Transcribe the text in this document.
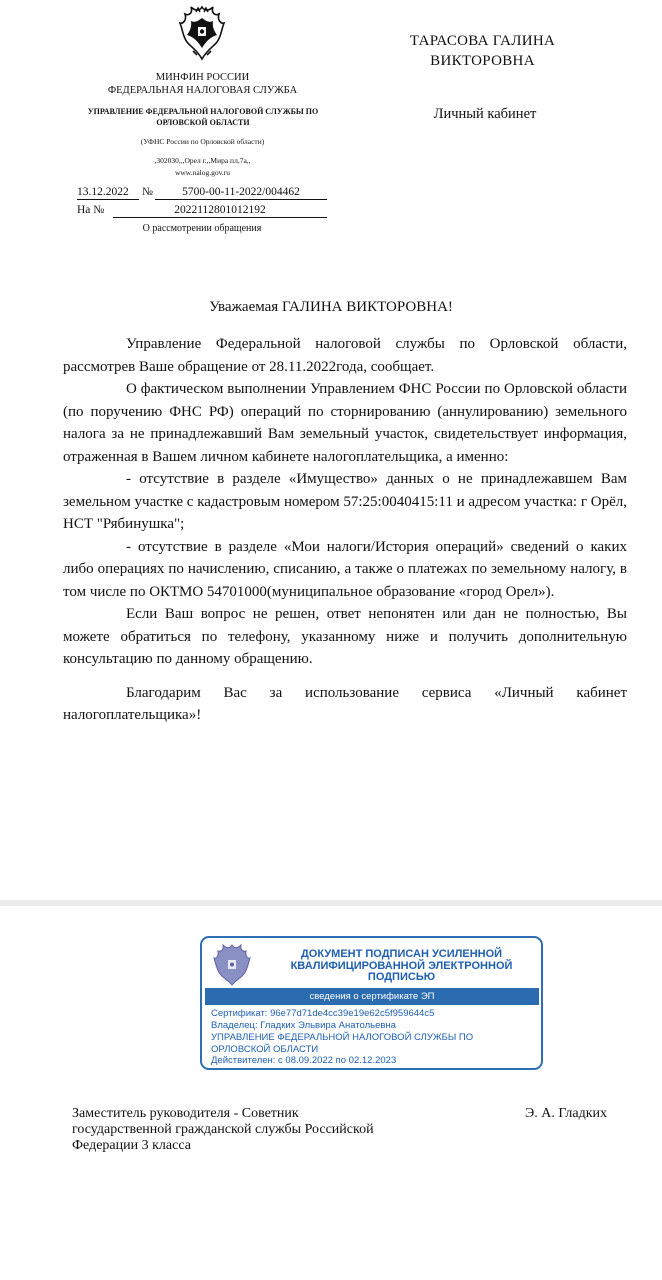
МИНФИН РОССИИ
ФЕДЕРАЛЬНАЯ НАЛОГОВАЯ СЛУЖБА
УПРАВЛЕНИЕ ФЕДЕРАЛЬНОЙ НАЛОГОВОЙ СЛУЖБЫ ПО ОРЛОВСКОЙ ОБЛАСТИ
(УФНС России по Орловской области)
,302030,,,Орел г.,,Мира пл,7а,,
www.nalog.gov.ru
13.12.2022	№	5700-00-11-2022/004462
На №	2022112801012192
О рассмотрении обращения
ТАРАСОВА ГАЛИНА ВИКТОРОВНА
Личный кабинет
Уважаемая ГАЛИНА ВИКТОРОВНА!

Управление Федеральной налоговой службы по Орловской области, рассмотрев Ваше обращение от 28.11.2022года, сообщает.

О фактическом выполнении Управлением ФНС России по Орловской области (по поручению ФНС РФ) операций по сторнированию (аннулированию) земельного налога за не принадлежавший Вам земельный участок, свидетельствует информация, отраженная в Вашем личном кабинете налогоплательщика, а именно:

- отсутствие в разделе «Имущество» данных о не принадлежавшем Вам земельном участке с кадастровым номером 57:25:0040415:11 и адресом участка: г Орёл, НСТ "Рябинушка";

- отсутствие в разделе «Мои налоги/История операций» сведений о каких либо операциях по начислению, списанию, а также о платежах по земельному налогу, в том числе по ОКТМО 54701000(муниципальное образование «город Орел»).

Если Ваш вопрос не решен, ответ непонятен или дан не полностью, Вы можете обратиться по телефону, указанному ниже и получить дополнительную консультацию по данному обращению.

Благодарим Вас за использование сервиса «Личный кабинет налогоплательщика»!

ДОКУМЕНТ ПОДПИСАН УСИЛЕННОЙ КВАЛИФИЦИРОВАННОЙ ЭЛЕКТРОННОЙ ПОДПИСЬЮ
сведения о сертификате ЭП
Сертификат: 96e77d71de4cc39e19e62c5f959644c5
Владелец: Гладких Эльвира Анатольевна
УПРАВЛЕНИЕ ФЕДЕРАЛЬНОЙ НАЛОГОВОЙ СЛУЖБЫ ПО ОРЛОВСКОЙ ОБЛАСТИ
Действителен: с 08.09.2022 по 02.12.2023
Заместитель руководителя - Советник государственной гражданской службы Российской Федерации 3 класса
Э. А. Гладких
